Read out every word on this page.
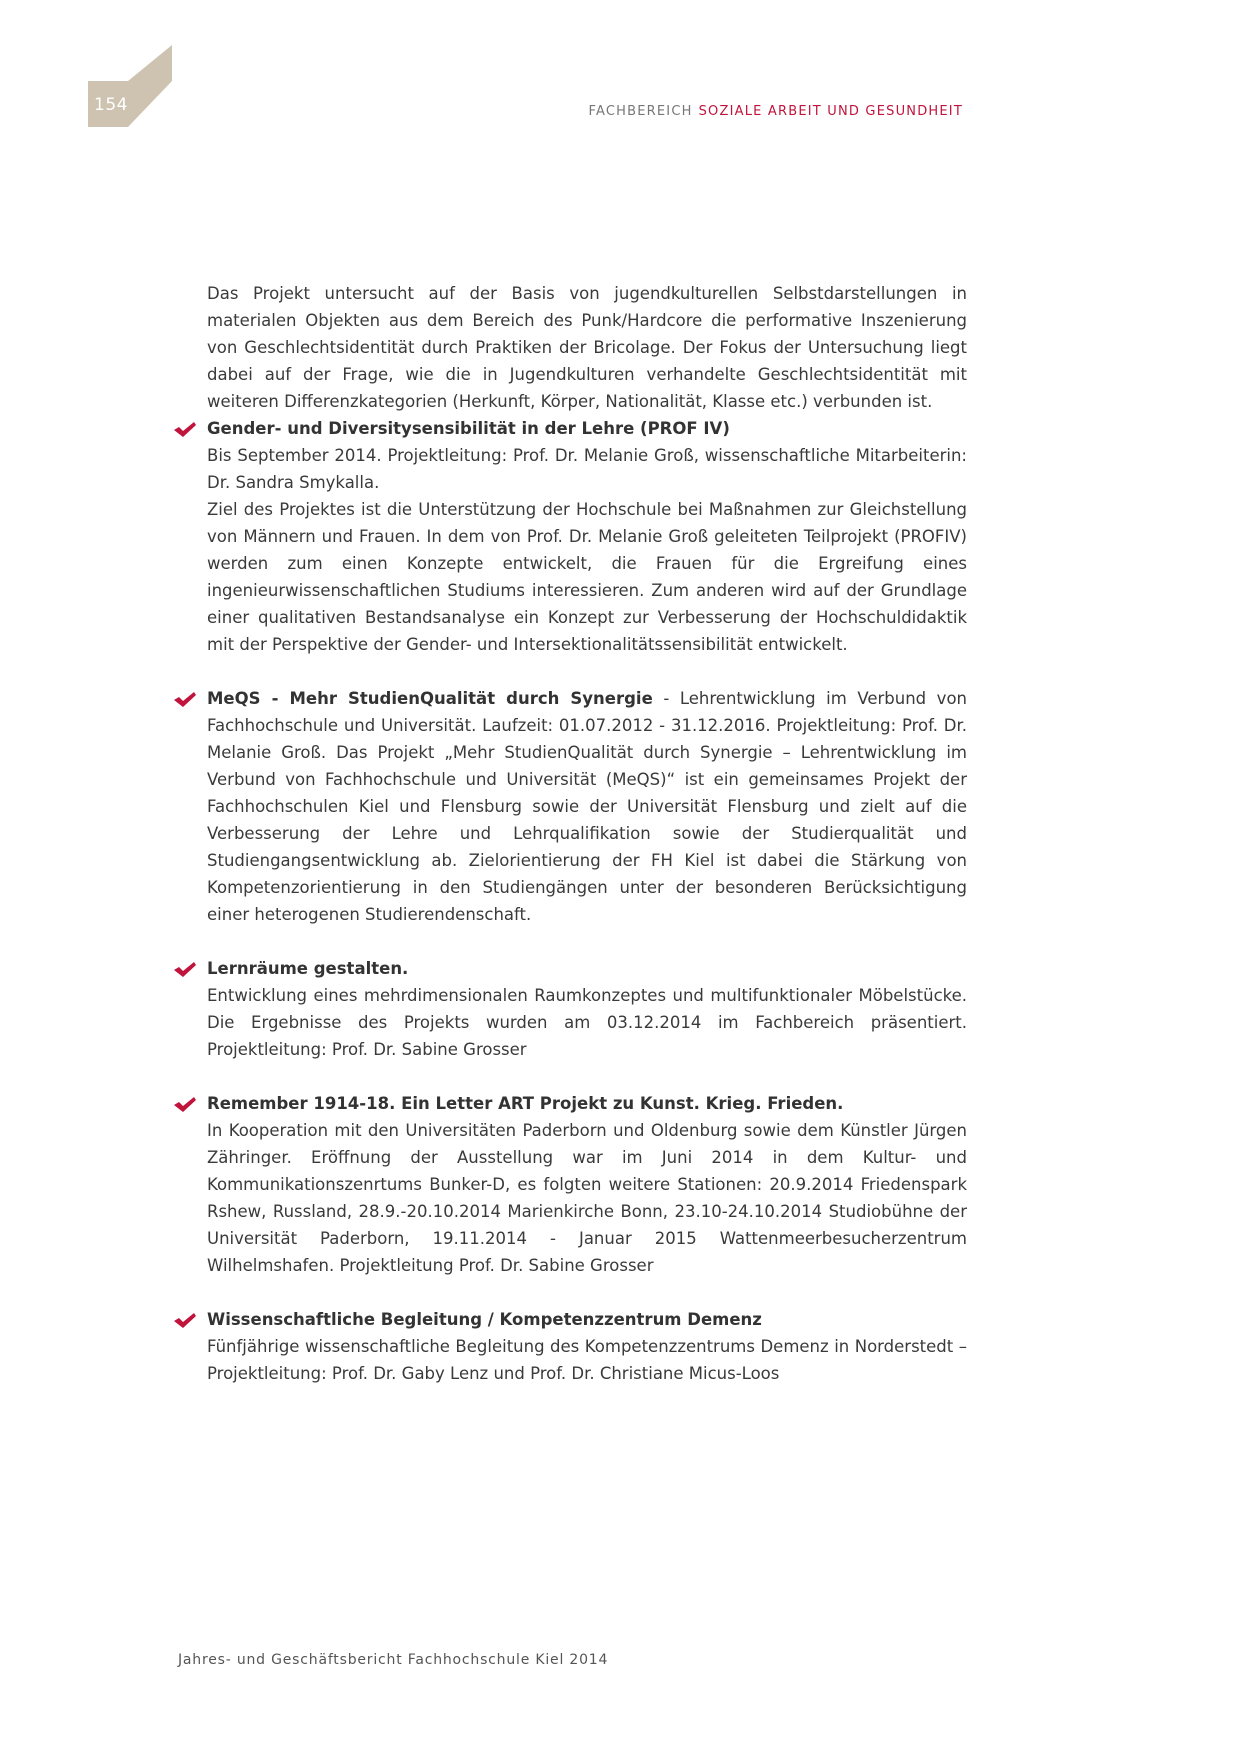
154	FACHBEREICH SOZIALE ARBEIT UND GESUNDHEIT

Das Projekt untersucht auf der Basis von jugendkulturellen Selbstdarstellungen in materialen Objekten aus dem Bereich des Punk/Hardcore die performative Inszenierung von Geschlechtsidentität durch Praktiken der Bricolage. Der Fokus der Untersuchung liegt dabei auf der Frage, wie die in Jugendkulturen verhandelte Geschlechtsidentität mit weiteren Differenzkategorien (Herkunft, Körper, Nationalität, Klasse etc.) verbunden ist.

Gender- und Diversitysensibilität in der Lehre (PROF IV)
Bis September 2014. Projektleitung: Prof. Dr. Melanie Groß, wissenschaftliche Mitarbeiterin: Dr. Sandra Smykalla.

Ziel des Projektes ist die Unterstützung der Hochschule bei Maßnahmen zur Gleichstellung von Männern und Frauen. In dem von Prof. Dr. Melanie Groß geleiteten Teilprojekt (PROFIV) werden zum einen Konzepte entwickelt, die Frauen für die Ergreifung eines ingenieurwissenschaftlichen Studiums interessieren. Zum anderen wird auf der Grundlage einer qualitativen Bestandsanalyse ein Konzept zur Verbesserung der Hochschuldidaktik mit der Perspektive der Gender- und Intersektionalitätssensibilität entwickelt.

MeQS - Mehr StudienQualität durch Synergie - Lehrentwicklung im Verbund von Fachhochschule und Universität. Laufzeit: 01.07.2012 - 31.12.2016. Projektleitung: Prof. Dr. Melanie Groß. Das Projekt „Mehr StudienQualität durch Synergie – Lehrentwicklung im Verbund von Fachhochschule und Universität (MeQS)“ ist ein gemeinsames Projekt der Fachhochschulen Kiel und Flensburg sowie der Universität Flensburg und zielt auf die Verbesserung der Lehre und Lehrqualifikation sowie der Studierqualität und Studiengangsentwicklung ab. Zielorientierung der FH Kiel ist dabei die Stärkung von Kompetenzorientierung in den Studiengängen unter der besonderen Berücksichtigung einer heterogenen Studierendenschaft.

Lernräume gestalten.
Entwicklung eines mehrdimensionalen Raumkonzeptes und multifunktionaler Möbelstücke. Die Ergebnisse des Projekts wurden am 03.12.2014 im Fachbereich präsentiert. Projektleitung: Prof. Dr. Sabine Grosser

Remember 1914-18. Ein Letter ART Projekt zu Kunst. Krieg. Frieden.
In Kooperation mit den Universitäten Paderborn und Oldenburg sowie dem Künstler Jürgen Zähringer. Eröffnung der Ausstellung war im Juni 2014 in dem Kultur- und Kommunikationszenrtums Bunker-D, es folgten weitere Stationen: 20.9.2014 Friedenspark Rshew, Russland, 28.9.-20.10.2014 Marienkirche Bonn, 23.10-24.10.2014 Studiobühne der Universität Paderborn, 19.11.2014 - Januar 2015 Wattenmeerbesucherzentrum Wilhelmshafen. Projektleitung Prof. Dr. Sabine Grosser

Wissenschaftliche Begleitung / Kompetenzzentrum Demenz
Fünfjährige wissenschaftliche Begleitung des Kompetenzzentrums Demenz in Norderstedt – Projektleitung: Prof. Dr. Gaby Lenz und Prof. Dr. Christiane Micus-Loos

Jahres- und Geschäftsbericht Fachhochschule Kiel 2014
